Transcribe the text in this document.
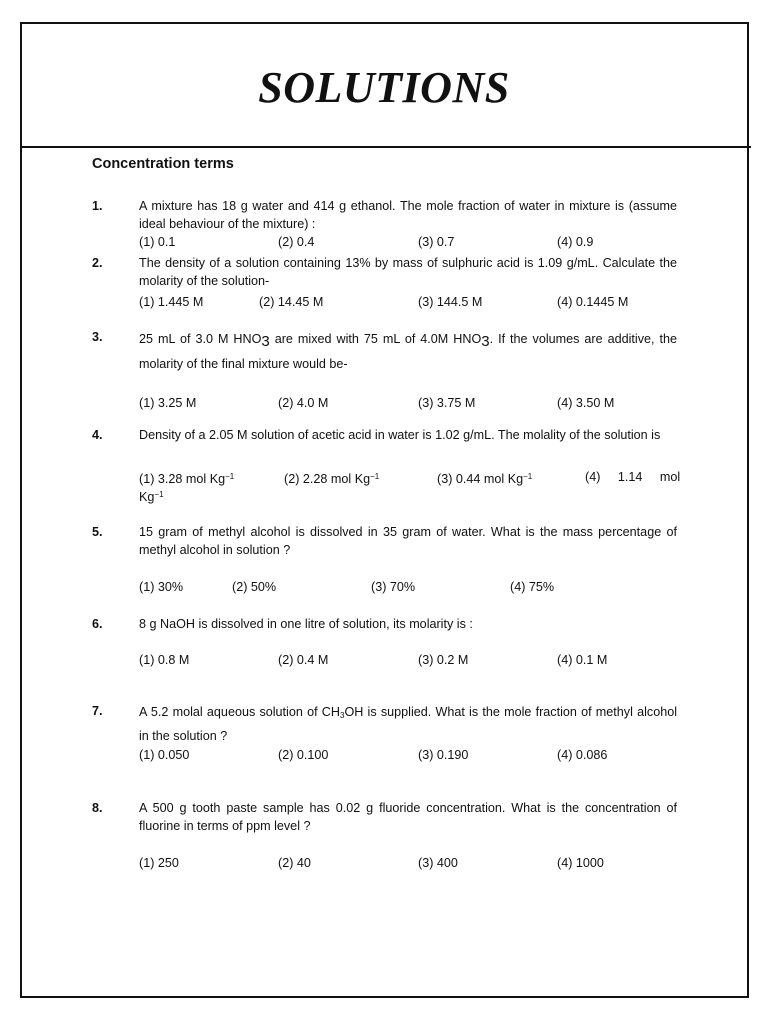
SOLUTIONS
Concentration terms
1.	A mixture has 18 g water and 414 g ethanol. The mole fraction of water in mixture is (assume ideal behaviour of the mixture) :
(1) 0.1	(2) 0.4	(3) 0.7	(4) 0.9
2.	The density of a solution containing 13% by mass of sulphuric acid is 1.09 g/mL. Calculate the molarity of the solution-
(1) 1.445 M	(2) 14.45 M	(3) 144.5 M	(4) 0.1445 M
3.	25 mL of 3.0 M $HNO_3$ are mixed with 75 mL of 4.0M $HNO_3$. If the volumes are additive, the molarity of the final mixture would be-
(1) 3.25 M	(2) 4.0 M	(3) 3.75 M	(4) 3.50 M
4.	Density of a 2.05 M solution of acetic acid in water is 1.02 g/mL. The molality of the solution is
(1) 3.28 mol $Kg^{-1}$	(2) 2.28 mol $Kg^{-1}$	(3) 0.44 mol $Kg^{-1}$	(4)     1.14     mol
$Kg^{-1}$
5.	15 gram of methyl alcohol is dissolved in 35 gram of water. What is the mass percentage of methyl alcohol in solution ?
(1) 30%	(2) 50%	(3) 70%	(4) 75%
6.	8 g NaOH is dissolved in one litre of solution, its molarity is :
(1) 0.8 M	(2) 0.4 M	(3) 0.2 M	(4) 0.1 M
7.	A 5.2 molal aqueous solution of $CH_3OH$ is supplied. What is the mole fraction of methyl alcohol in the solution ?
(1) 0.050	(2) 0.100	(3) 0.190	(4) 0.086
8.	A 500 g tooth paste sample has 0.02 g fluoride concentration. What is the concentration of fluorine in terms of ppm level ?
(1) 250	(2) 40	(3) 400	(4) 1000
